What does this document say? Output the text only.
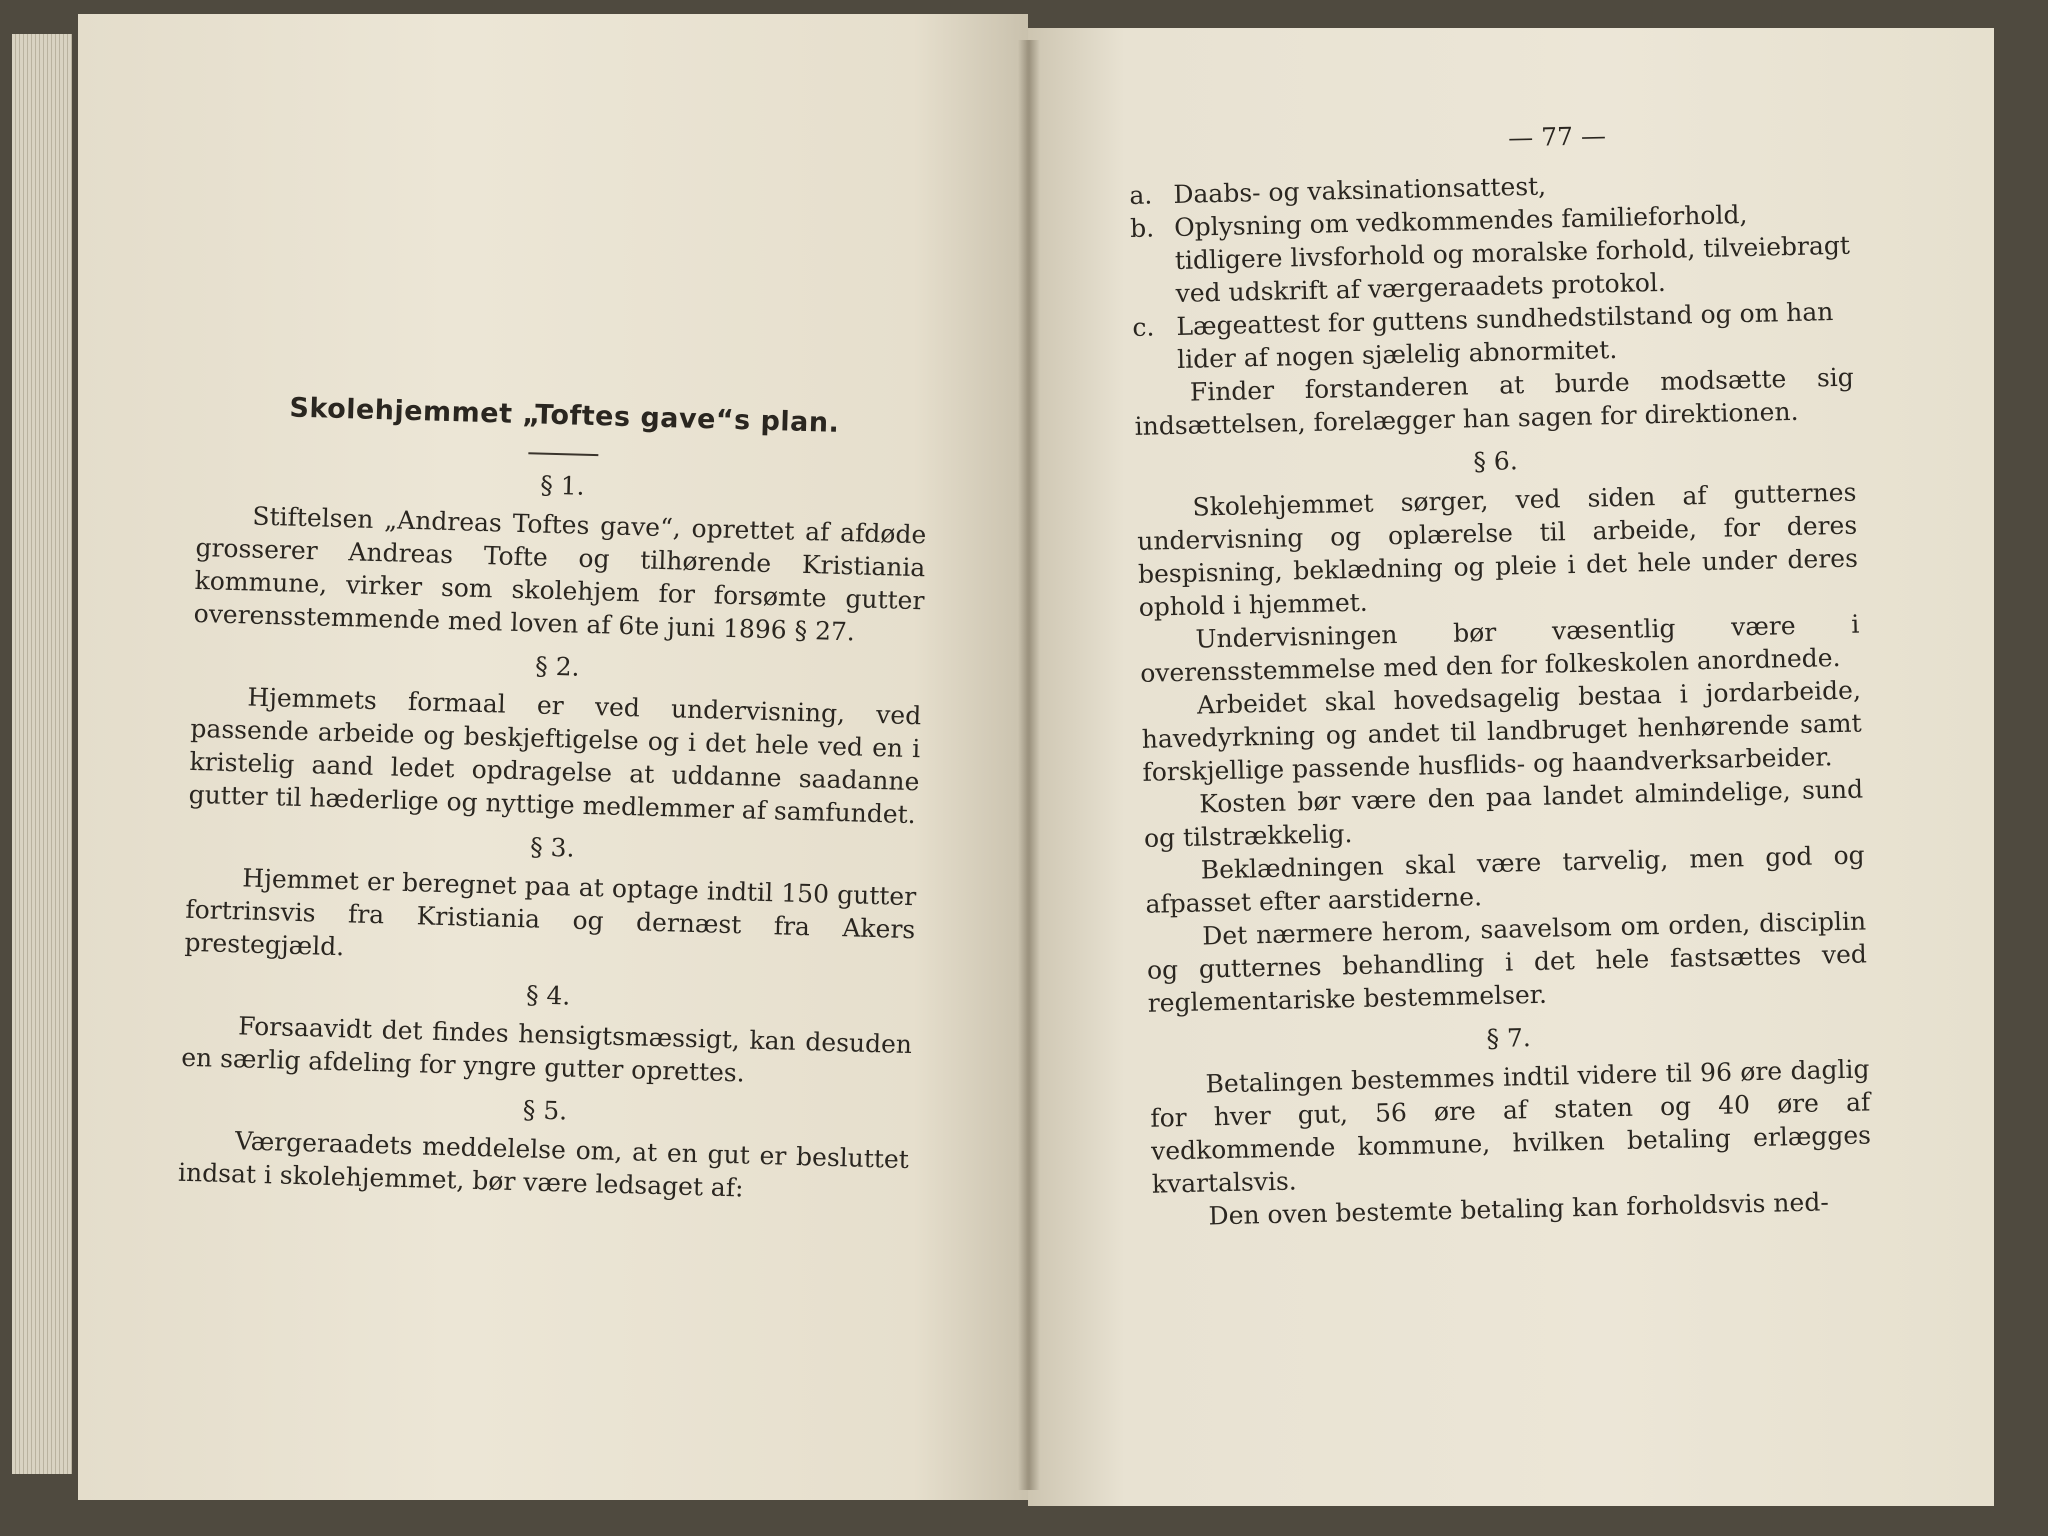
Skolehjemmet „Toftes gave“s plan.

§ 1.

Stiftelsen „Andreas Toftes gave“, oprettet af afdøde grosserer Andreas Tofte og tilhørende Kristiania kommune, virker som skolehjem for forsømte gutter overensstemmende med loven af 6te juni 1896 § 27.

§ 2.

Hjemmets formaal er ved undervisning, ved passende arbeide og beskjeftigelse og i det hele ved en i kristelig aand ledet opdragelse at uddanne saadanne gutter til hæderlige og nyttige medlemmer af samfundet.

§ 3.

Hjemmet er beregnet paa at optage indtil 150 gutter fortrinsvis fra Kristiania og dernæst fra Akers prestegjæld.

§ 4.

Forsaavidt det findes hensigtsmæssigt, kan desuden en særlig afdeling for yngre gutter oprettes.

§ 5.

Værgeraadets meddelelse om, at en gut er besluttet indsat i skolehjemmet, bør være ledsaget af:

— 77 —

a. Daabs- og vaksinationsattest,
b. Oplysning om vedkommendes familieforhold, tidligere livsforhold og moralske forhold, tilveiebragt ved udskrift af værgeraadets protokol.
c. Lægeattest for guttens sundhedstilstand og om han lider af nogen sjælelig abnormitet.

Finder forstanderen at burde modsætte sig indsættelsen, forelægger han sagen for direktionen.

§ 6.

Skolehjemmet sørger, ved siden af gutternes undervisning og oplærelse til arbeide, for deres bespisning, beklædning og pleie i det hele under deres ophold i hjemmet.

Undervisningen bør væsentlig være i overensstemmelse med den for folkeskolen anordnede.

Arbeidet skal hovedsagelig bestaa i jordarbeide, havedyrkning og andet til landbruget henhørende samt forskjellige passende husflids- og haandverksarbeider.

Kosten bør være den paa landet almindelige, sund og tilstrækkelig.

Beklædningen skal være tarvelig, men god og afpasset efter aarstiderne.

Det nærmere herom, saavelsom om orden, disciplin og gutternes behandling i det hele fastsættes ved reglementariske bestemmelser.

§ 7.

Betalingen bestemmes indtil videre til 96 øre daglig for hver gut, 56 øre af staten og 40 øre af vedkommende kommune, hvilken betaling erlægges kvartalsvis.

Den oven bestemte betaling kan forholdsvis ned-
